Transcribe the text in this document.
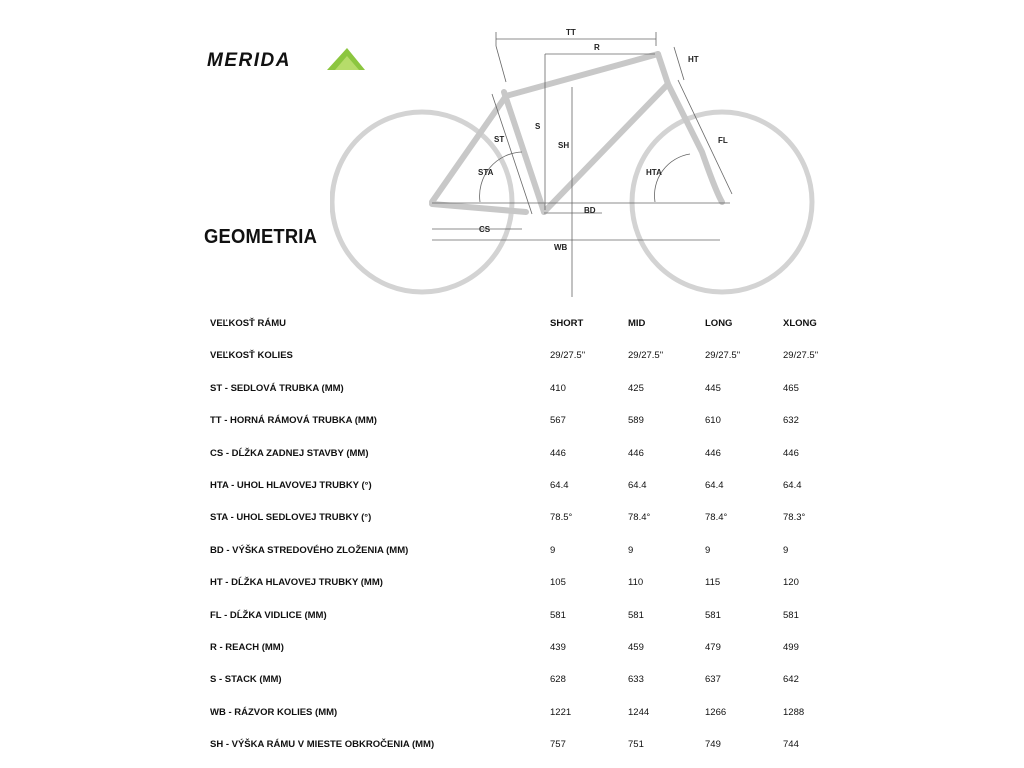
MERIDA
TT
R
HT
S
ST
SH
FL
STA	HTA
BD
CS
WB
GEOMETRIA
VEĽKOSŤ RÁMU	SHORT	MID	LONG	XLONG
VEĽKOSŤ KOLIES	29/27.5"	29/27.5"	29/27.5"	29/27.5"
ST - SEDLOVÁ TRUBKA (MM)	410	425	445	465
TT - HORNÁ RÁMOVÁ TRUBKA (MM)	567	589	610	632
CS - DĹŽKA ZADNEJ STAVBY (MM)	446	446	446	446
HTA - UHOL HLAVOVEJ TRUBKY (°)	64.4	64.4	64.4	64.4
STA - UHOL SEDLOVEJ TRUBKY (°)	78.5°	78.4°	78.4°	78.3°
BD - VÝŠKA STREDOVÉHO ZLOŽENIA (MM)	9	9	9	9
HT - DĹŽKA HLAVOVEJ TRUBKY (MM)	105	110	115	120
FL - DĹŽKA VIDLICE (MM)	581	581	581	581
R - REACH (MM)	439	459	479	499
S - STACK (MM)	628	633	637	642
WB - RÁZVOR KOLIES (MM)	1221	1244	1266	1288
SH - VÝŠKA RÁMU V MIESTE OBKROČENIA (MM)	757	751	749	744
